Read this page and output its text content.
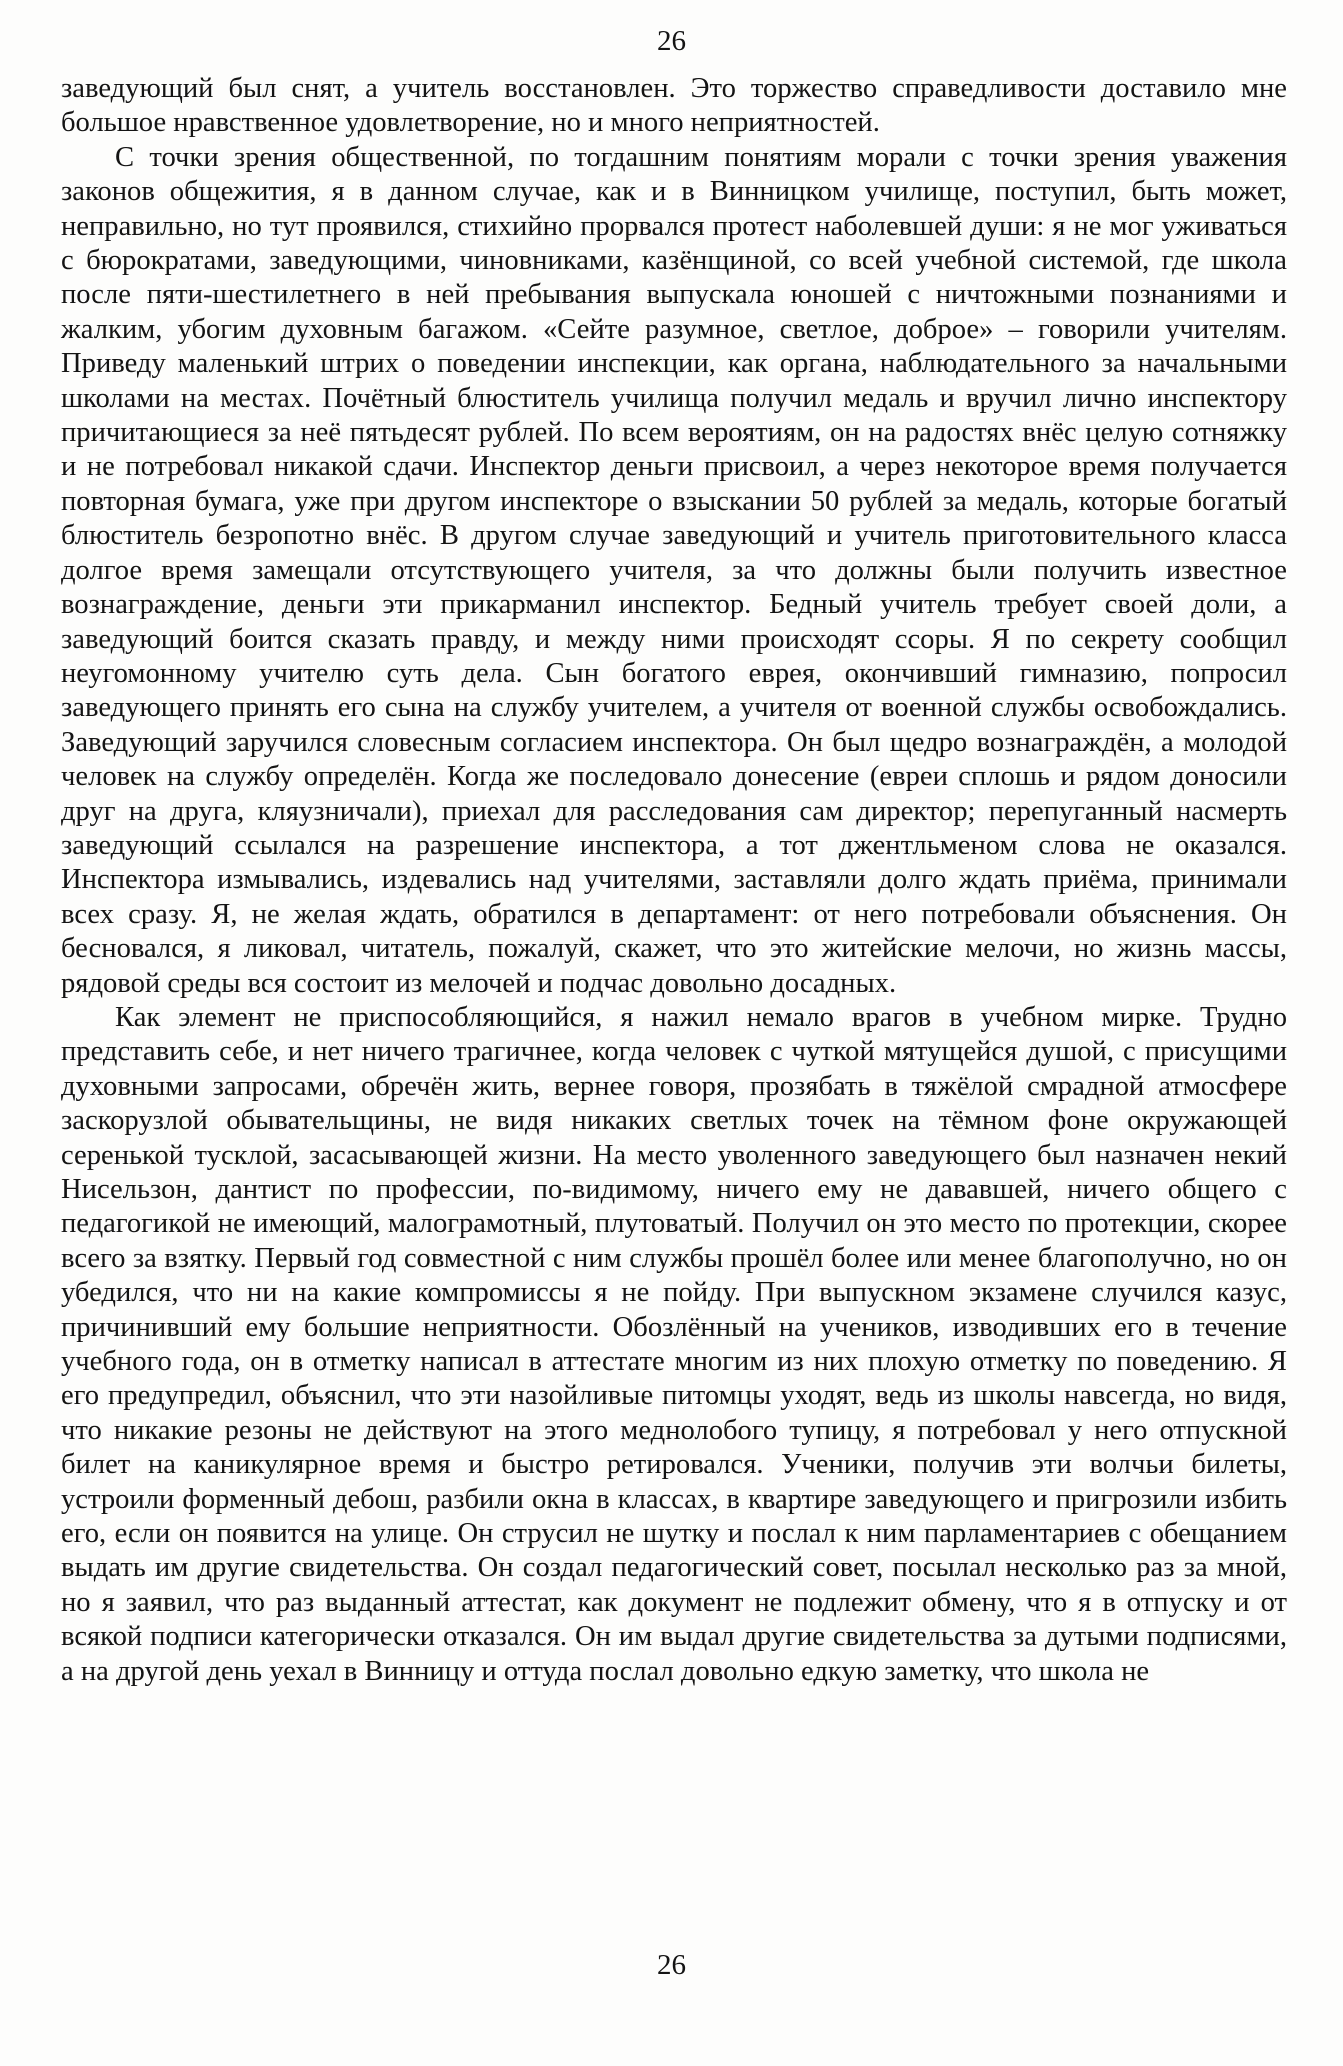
26

заведующий был снят, а учитель восстановлен. Это торжество справедливости доставило мне большое нравственное удовлетворение, но и много неприятностей.

С точки зрения общественной, по тогдашним понятиям морали с точки зрения уважения законов общежития, я в данном случае, как и в Винницком училище, поступил, быть может, неправильно, но тут проявился, стихийно прорвался протест наболевшей души: я не мог уживаться с бюрократами, заведующими, чиновниками, казёнщиной, со всей учебной системой, где школа после пяти-шестилетнего в ней пребывания выпускала юношей с ничтожными познаниями и жалким, убогим духовным багажом. «Сейте разумное, светлое, доброе» – говорили учителям. Приведу маленький штрих о поведении инспекции, как органа, наблюдательного за начальными школами на местах. Почётный блюститель училища получил медаль и вручил лично инспектору причитающиеся за неё пятьдесят рублей. По всем вероятиям, он на радостях внёс целую сотняжку и не потребовал никакой сдачи. Инспектор деньги присвоил, а через некоторое время получается повторная бумага, уже при другом инспекторе о взыскании 50 рублей за медаль, которые богатый блюститель безропотно внёс. В другом случае заведующий и учитель приготовительного класса долгое время замещали отсутствующего учителя, за что должны были получить известное вознаграждение, деньги эти прикарманил инспектор. Бедный учитель требует своей доли, а заведующий боится сказать правду, и между ними происходят ссоры. Я по секрету сообщил неугомонному учителю суть дела. Сын богатого еврея, окончивший гимназию, попросил заведующего принять его сына на службу учителем, а учителя от военной службы освобождались. Заведующий заручился словесным согласием инспектора. Он был щедро вознаграждён, а молодой человек на службу определён. Когда же последовало донесение (евреи сплошь и рядом доносили друг на друга, кляузничали), приехал для расследования сам директор; перепуганный насмерть заведующий ссылался на разрешение инспектора, а тот джентльменом слова не оказался. Инспектора измывались, издевались над учителями, заставляли долго ждать приёма, принимали всех сразу. Я, не желая ждать, обратился в департамент: от него потребовали объяснения. Он бесновался, я ликовал, читатель, пожалуй, скажет, что это житейские мелочи, но жизнь массы, рядовой среды вся состоит из мелочей и подчас довольно досадных.

Как элемент не приспособляющийся, я нажил немало врагов в учебном мирке. Трудно представить себе, и нет ничего трагичнее, когда человек с чуткой мятущейся душой, с присущими духовными запросами, обречён жить, вернее говоря, прозябать в тяжёлой смрадной атмосфере заскорузлой обывательщины, не видя никаких светлых точек на тёмном фоне окружающей серенькой тусклой, засасывающей жизни. На место уволенного заведующего был назначен некий Нисельзон, дантист по профессии, по-видимому, ничего ему не дававшей, ничего общего с педагогикой не имеющий, малограмотный, плутоватый. Получил он это место по протекции, скорее всего за взятку. Первый год совместной с ним службы прошёл более или менее благополучно, но он убедился, что ни на какие компромиссы я не пойду. При выпускном экзамене случился казус, причинивший ему большие неприятности. Обозлённый на учеников, изводивших его в течение учебного года, он в отметку написал в аттестате многим из них плохую отметку по поведению. Я его предупредил, объяснил, что эти назойливые питомцы уходят, ведь из школы навсегда, но видя, что никакие резоны не действуют на этого меднолобого тупицу, я потребовал у него отпускной билет на каникулярное время и быстро ретировался. Ученики, получив эти волчьи билеты, устроили форменный дебош, разбили окна в классах, в квартире заведующего и пригрозили избить его, если он появится на улице. Он струсил не шутку и послал к ним парламентариев с обещанием выдать им другие свидетельства. Он создал педагогический совет, посылал несколько раз за мной, но я заявил, что раз выданный аттестат, как документ не подлежит обмену, что я в отпуску и от всякой подписи категорически отказался. Он им выдал другие свидетельства за дутыми подписями, а на другой день уехал в Винницу и оттуда послал довольно едкую заметку, что школа не

26
